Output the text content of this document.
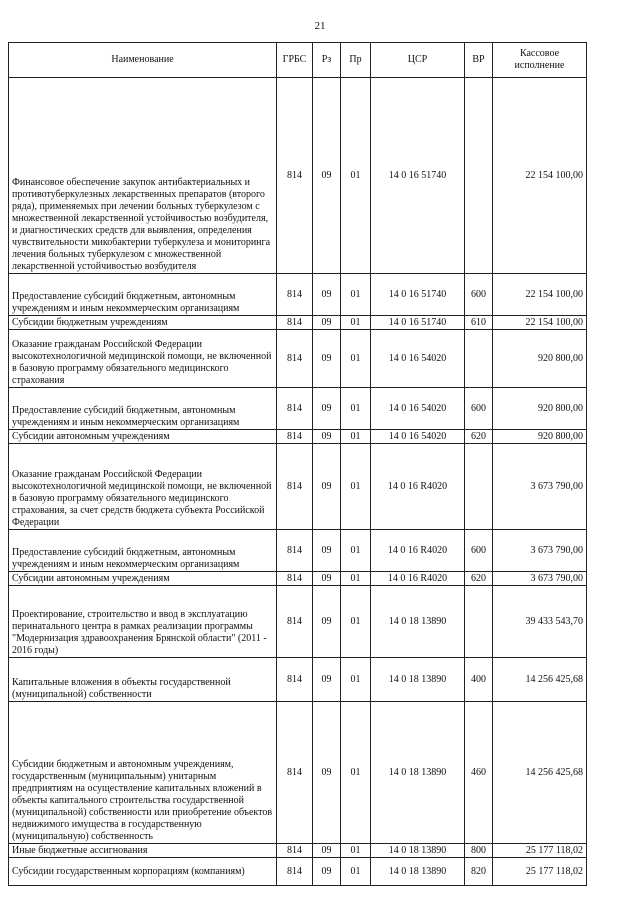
21
Наименование	ГРБС	Рз	Пр	ЦСР	ВР	Кассовое исполнение
Финансовое обеспечение закупок антибактериальных и противотуберкулезных лекарственных препаратов (второго ряда), применяемых при лечении больных туберкулезом с множественной лекарственной устойчивостью возбудителя, и диагностических средств для выявления, определения чувствительности микобактерии туберкулеза и мониторинга лечения больных туберкулезом с множественной лекарственной устойчивостью возбудителя	814	09	01	14 0 16 51740		22 154 100,00
Предоставление субсидий бюджетным, автономным учреждениям и иным некоммерческим организациям	814	09	01	14 0 16 51740	600	22 154 100,00
Субсидии бюджетным учреждениям	814	09	01	14 0 16 51740	610	22 154 100,00
Оказание гражданам Российской Федерации высокотехнологичной медицинской помощи, не включенной в базовую программу обязательного медицинского страхования	814	09	01	14 0 16 54020		920 800,00
Предоставление субсидий бюджетным, автономным учреждениям и иным некоммерческим организациям	814	09	01	14 0 16 54020	600	920 800,00
Субсидии автономным учреждениям	814	09	01	14 0 16 54020	620	920 800,00
Оказание гражданам Российской Федерации высокотехнологичной медицинской помощи, не включенной в базовую программу обязательного медицинского страхования, за счет средств бюджета субъекта Российской Федерации	814	09	01	14 0 16 R4020		3 673 790,00
Предоставление субсидий бюджетным, автономным учреждениям и иным некоммерческим организациям	814	09	01	14 0 16 R4020	600	3 673 790,00
Субсидии автономным учреждениям	814	09	01	14 0 16 R4020	620	3 673 790,00
Проектирование, строительство и ввод в эксплуатацию перинатального центра в рамках реализации программы "Модернизация здравоохранения Брянской области" (2011 - 2016 годы)	814	09	01	14 0 18 13890		39 433 543,70
Капитальные вложения в объекты государственной (муниципальной) собственности	814	09	01	14 0 18 13890	400	14 256 425,68
Субсидии бюджетным и автономным учреждениям, государственным (муниципальным) унитарным предприятиям на осуществление капитальных вложений в объекты капитального строительства государственной (муниципальной) собственности или приобретение объектов недвижимого имущества в государственную (муниципальную) собственность	814	09	01	14 0 18 13890	460	14 256 425,68
Иные бюджетные ассигнования	814	09	01	14 0 18 13890	800	25 177 118,02
Субсидии государственным корпорациям (компаниям)	814	09	01	14 0 18 13890	820	25 177 118,02
